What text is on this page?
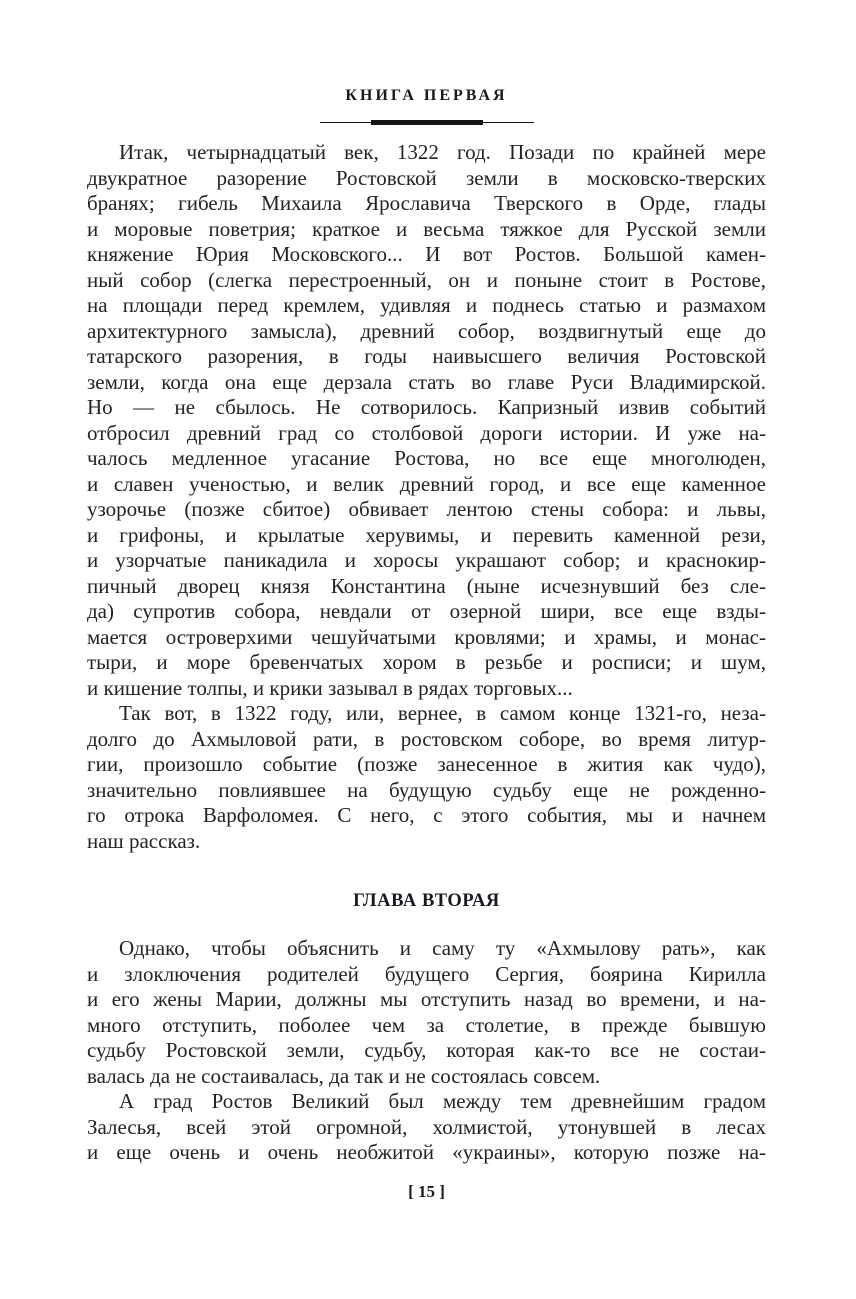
КНИГА ПЕРВАЯ
Итак, четырнадцатый век, 1322 год. Позади по крайней мере
двукратное разорение Ростовской земли в московско-тверских
бранях; гибель Михаила Ярославича Тверского в Орде, глады
и моровые поветрия; краткое и весьма тяжкое для Русской земли
княжение Юрия Московского... И вот Ростов. Большой камен-
ный собор (слегка перестроенный, он и поныне стоит в Ростове,
на площади перед кремлем, удивляя и поднесь статью и размахом
архитектурного замысла), древний собор, воздвигнутый еще до
татарского разорения, в годы наивысшего величия Ростовской
земли, когда она еще дерзала стать во главе Руси Владимирской.
Но — не сбылось. Не сотворилось. Капризный извив событий
отбросил древний град со столбовой дороги истории. И уже на-
чалось медленное угасание Ростова, но все еще многолюден,
и славен ученостью, и велик древний город, и все еще каменное
узорочье (позже сбитое) обвивает лентою стены собора: и львы,
и грифоны, и крылатые херувимы, и перевить каменной рези,
и узорчатые паникадила и хоросы украшают собор; и краснокир-
пичный дворец князя Константина (ныне исчезнувший без сле-
да) супротив собора, невдали от озерной шири, все еще взды-
мается островерхими чешуйчатыми кровлями; и храмы, и монас-
тыри, и море бревенчатых хором в резьбе и росписи; и шум,
и кишение толпы, и крики зазывал в рядах торговых...
Так вот, в 1322 году, или, вернее, в самом конце 1321-го, неза-
долго до Ахмыловой рати, в ростовском соборе, во время литур-
гии, произошло событие (позже занесенное в жития как чудо),
значительно повлиявшее на будущую судьбу еще не рожденно-
го отрока Варфоломея. С него, с этого события, мы и начнем
наш рассказ.
ГЛАВА ВТОРАЯ
Однако, чтобы объяснить и саму ту «Ахмылову рать», как
и злоключения родителей будущего Сергия, боярина Кирилла
и его жены Марии, должны мы отступить назад во времени, и на-
много отступить, поболее чем за столетие, в прежде бывшую
судьбу Ростовской земли, судьбу, которая как-то все не состаи-
валась да не состаивалась, да так и не состоялась совсем.
А град Ростов Великий был между тем древнейшим градом
Залесья, всей этой огромной, холмистой, утонувшей в лесах
и еще очень и очень необжитой «украины», которую позже на-
[ 15 ]
